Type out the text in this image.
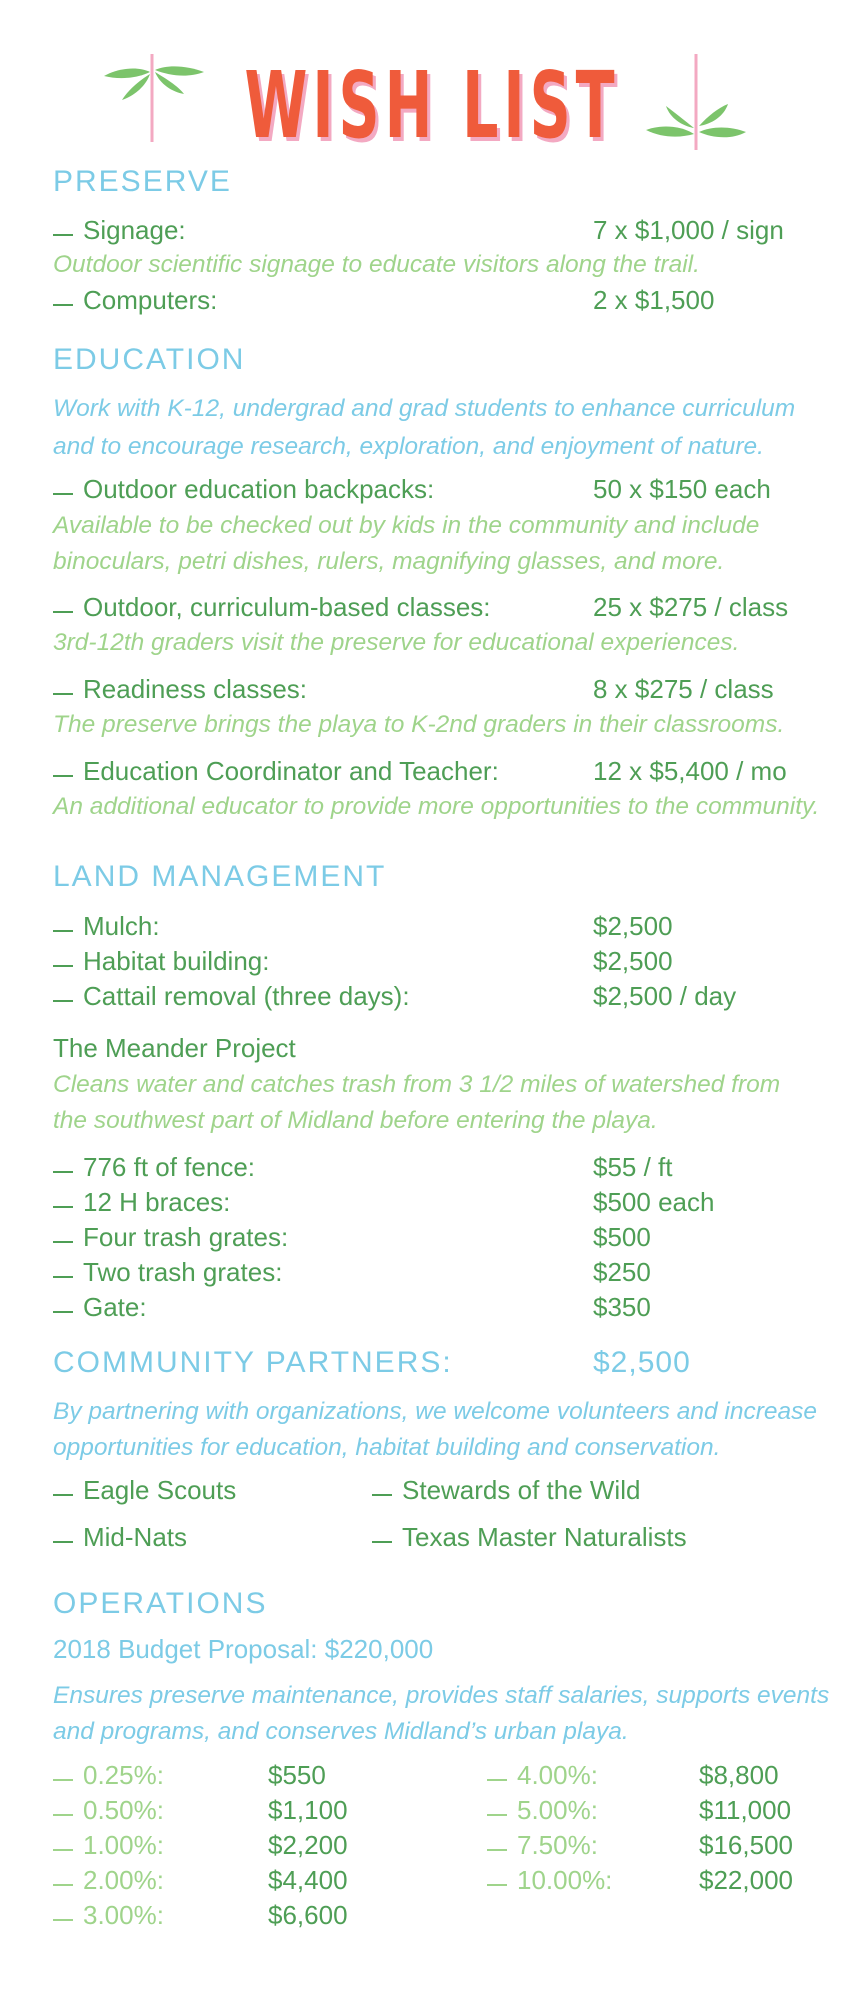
WISH LIST
PRESERVE
Signage:	7 x $1,000 / sign
Outdoor scientific signage to educate visitors along the trail.
Computers:	2 x $1,500
EDUCATION
Work with K-12, undergrad and grad students to enhance curriculum
and to encourage research, exploration, and enjoyment of nature.
Outdoor education backpacks:	50 x $150 each
Available to be checked out by kids in the community and include
binoculars, petri dishes, rulers, magnifying glasses, and more.
Outdoor, curriculum-based classes:	25 x $275 / class
3rd-12th graders visit the preserve for educational experiences.
Readiness classes:	8 x $275 / class
The preserve brings the playa to K-2nd graders in their classrooms.
Education Coordinator and Teacher:	12 x $5,400 / mo
An additional educator to provide more opportunities to the community.
LAND MANAGEMENT
Mulch:	$2,500
Habitat building:	$2,500
Cattail removal (three days):	$2,500 / day
The Meander Project
Cleans water and catches trash from 3 1/2 miles of watershed from
the southwest part of Midland before entering the playa.
776 ft of fence:	$55 / ft
12 H braces:	$500 each
Four trash grates:	$500
Two trash grates:	$250
Gate:	$350
COMMUNITY PARTNERS:	$2,500
By partnering with organizations, we welcome volunteers and increase
opportunities for education, habitat building and conservation.
Eagle Scouts	Stewards of the Wild
Mid-Nats	Texas Master Naturalists
OPERATIONS
2018 Budget Proposal: $220,000
Ensures preserve maintenance, provides staff salaries, supports events
and programs, and conserves Midland’s urban playa.
0.25%:	$550
0.50%:	$1,100
1.00%:	$2,200
2.00%:	$4,400
3.00%:	$6,600
4.00%:	$8,800
5.00%:	$11,000
7.50%:	$16,500
10.00%:	$22,000
